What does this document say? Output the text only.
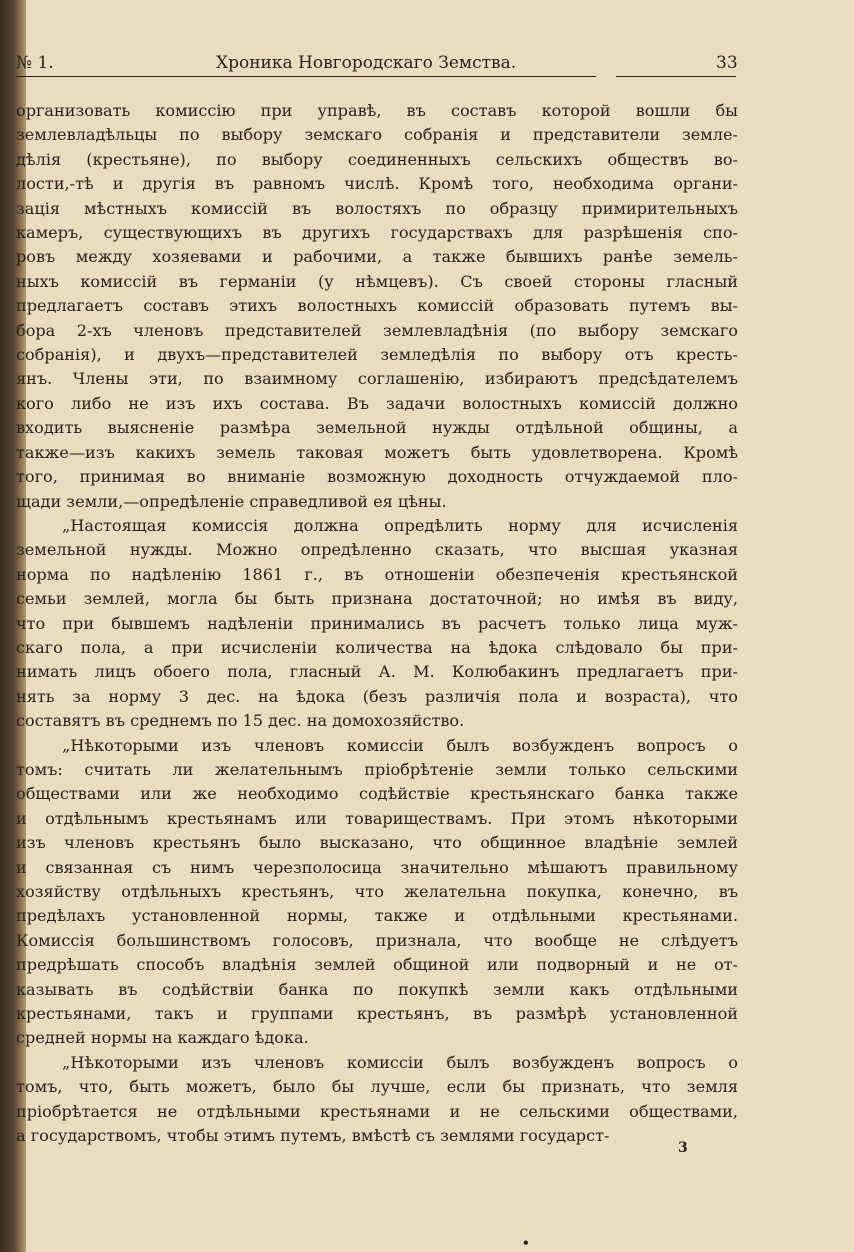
№ 1.	Хроника Новгородскаго Земства.	33
организовать комиссію при управѣ, въ составъ которой вошли бы
землевладѣльцы по выбору земскаго собранія и представители земле-
дѣлія (крестьяне), по выбору соединенныхъ сельскихъ обществъ во-
лости,-тѣ и другія въ равномъ числѣ. Кромѣ того, необходима органи-
зація мѣстныхъ комиссій въ волостяхъ по образцу примирительныхъ
камеръ, существующихъ въ другихъ государствахъ для разрѣшенія спо-
ровъ между хозяевами и рабочими, а также бывшихъ ранѣе земель-
ныхъ комиссій въ германіи (у нѣмцевъ). Съ своей стороны гласный
предлагаетъ составъ этихъ волостныхъ комиссій образовать путемъ вы-
бора 2-хъ членовъ представителей землевладѣнія (по выбору земскаго
собранія), и двухъ—представителей земледѣлія по выбору отъ кресть-
янъ. Члены эти, по взаимному соглашенію, избираютъ предсѣдателемъ
кого либо не изъ ихъ состава. Въ задачи волостныхъ комиссій должно
входить выясненіе размѣра земельной нужды отдѣльной общины, а
также—изъ какихъ земель таковая можетъ быть удовлетворена. Кромѣ
того, принимая во вниманіе возможную доходность отчуждаемой пло-
щади земли,—опредѣленіе справедливой ея цѣны.
„Настоящая комиссія должна опредѣлить норму для исчисленія
земельной нужды. Можно опредѣленно сказать, что высшая указная
норма по надѣленію 1861 г., въ отношеніи обезпеченія крестьянской
семьи землей, могла бы быть признана достаточной; но имѣя въ виду,
что при бывшемъ надѣленіи принимались въ расчетъ только лица муж-
скаго пола, а при исчисленіи количества на ѣдока слѣдовало бы при-
нимать лицъ обоего пола, гласный А. М. Колюбакинъ предлагаетъ при-
нять за норму 3 дес. на ѣдока (безъ различія пола и возраста), что
составятъ въ среднемъ по 15 дес. на домохозяйство.
„Нѣкоторыми изъ членовъ комиссіи былъ возбужденъ вопросъ о
томъ: считать ли желательнымъ пріобрѣтеніе земли только сельскими
обществами или же необходимо содѣйствіе крестьянскаго банка также
и отдѣльнымъ крестьянамъ или товариществамъ. При этомъ нѣкоторыми
изъ членовъ крестьянъ было высказано, что общинное владѣніе землей
и связанная съ нимъ черезполосица значительно мѣшаютъ правильному
хозяйству отдѣльныхъ крестьянъ, что желательна покупка, конечно, въ
предѣлахъ установленной нормы, также и отдѣльными крестьянами.
Комиссія большинствомъ голосовъ, признала, что вообще не слѣдуетъ
предрѣшать способъ владѣнія землей общиной или подворный и не от-
казывать въ содѣйствіи банка по покупкѣ земли какъ отдѣльными
крестьянами, такъ и группами крестьянъ, въ размѣрѣ установленной
средней нормы на каждаго ѣдока.
„Нѣкоторыми изъ членовъ комиссіи былъ возбужденъ вопросъ о
томъ, что, быть можетъ, было бы лучше, если бы признать, что земля
пріобрѣтается не отдѣльными крестьянами и не сельскими обществами,
а государствомъ, чтобы этимъ путемъ, вмѣстѣ съ землями государст-
3
•
